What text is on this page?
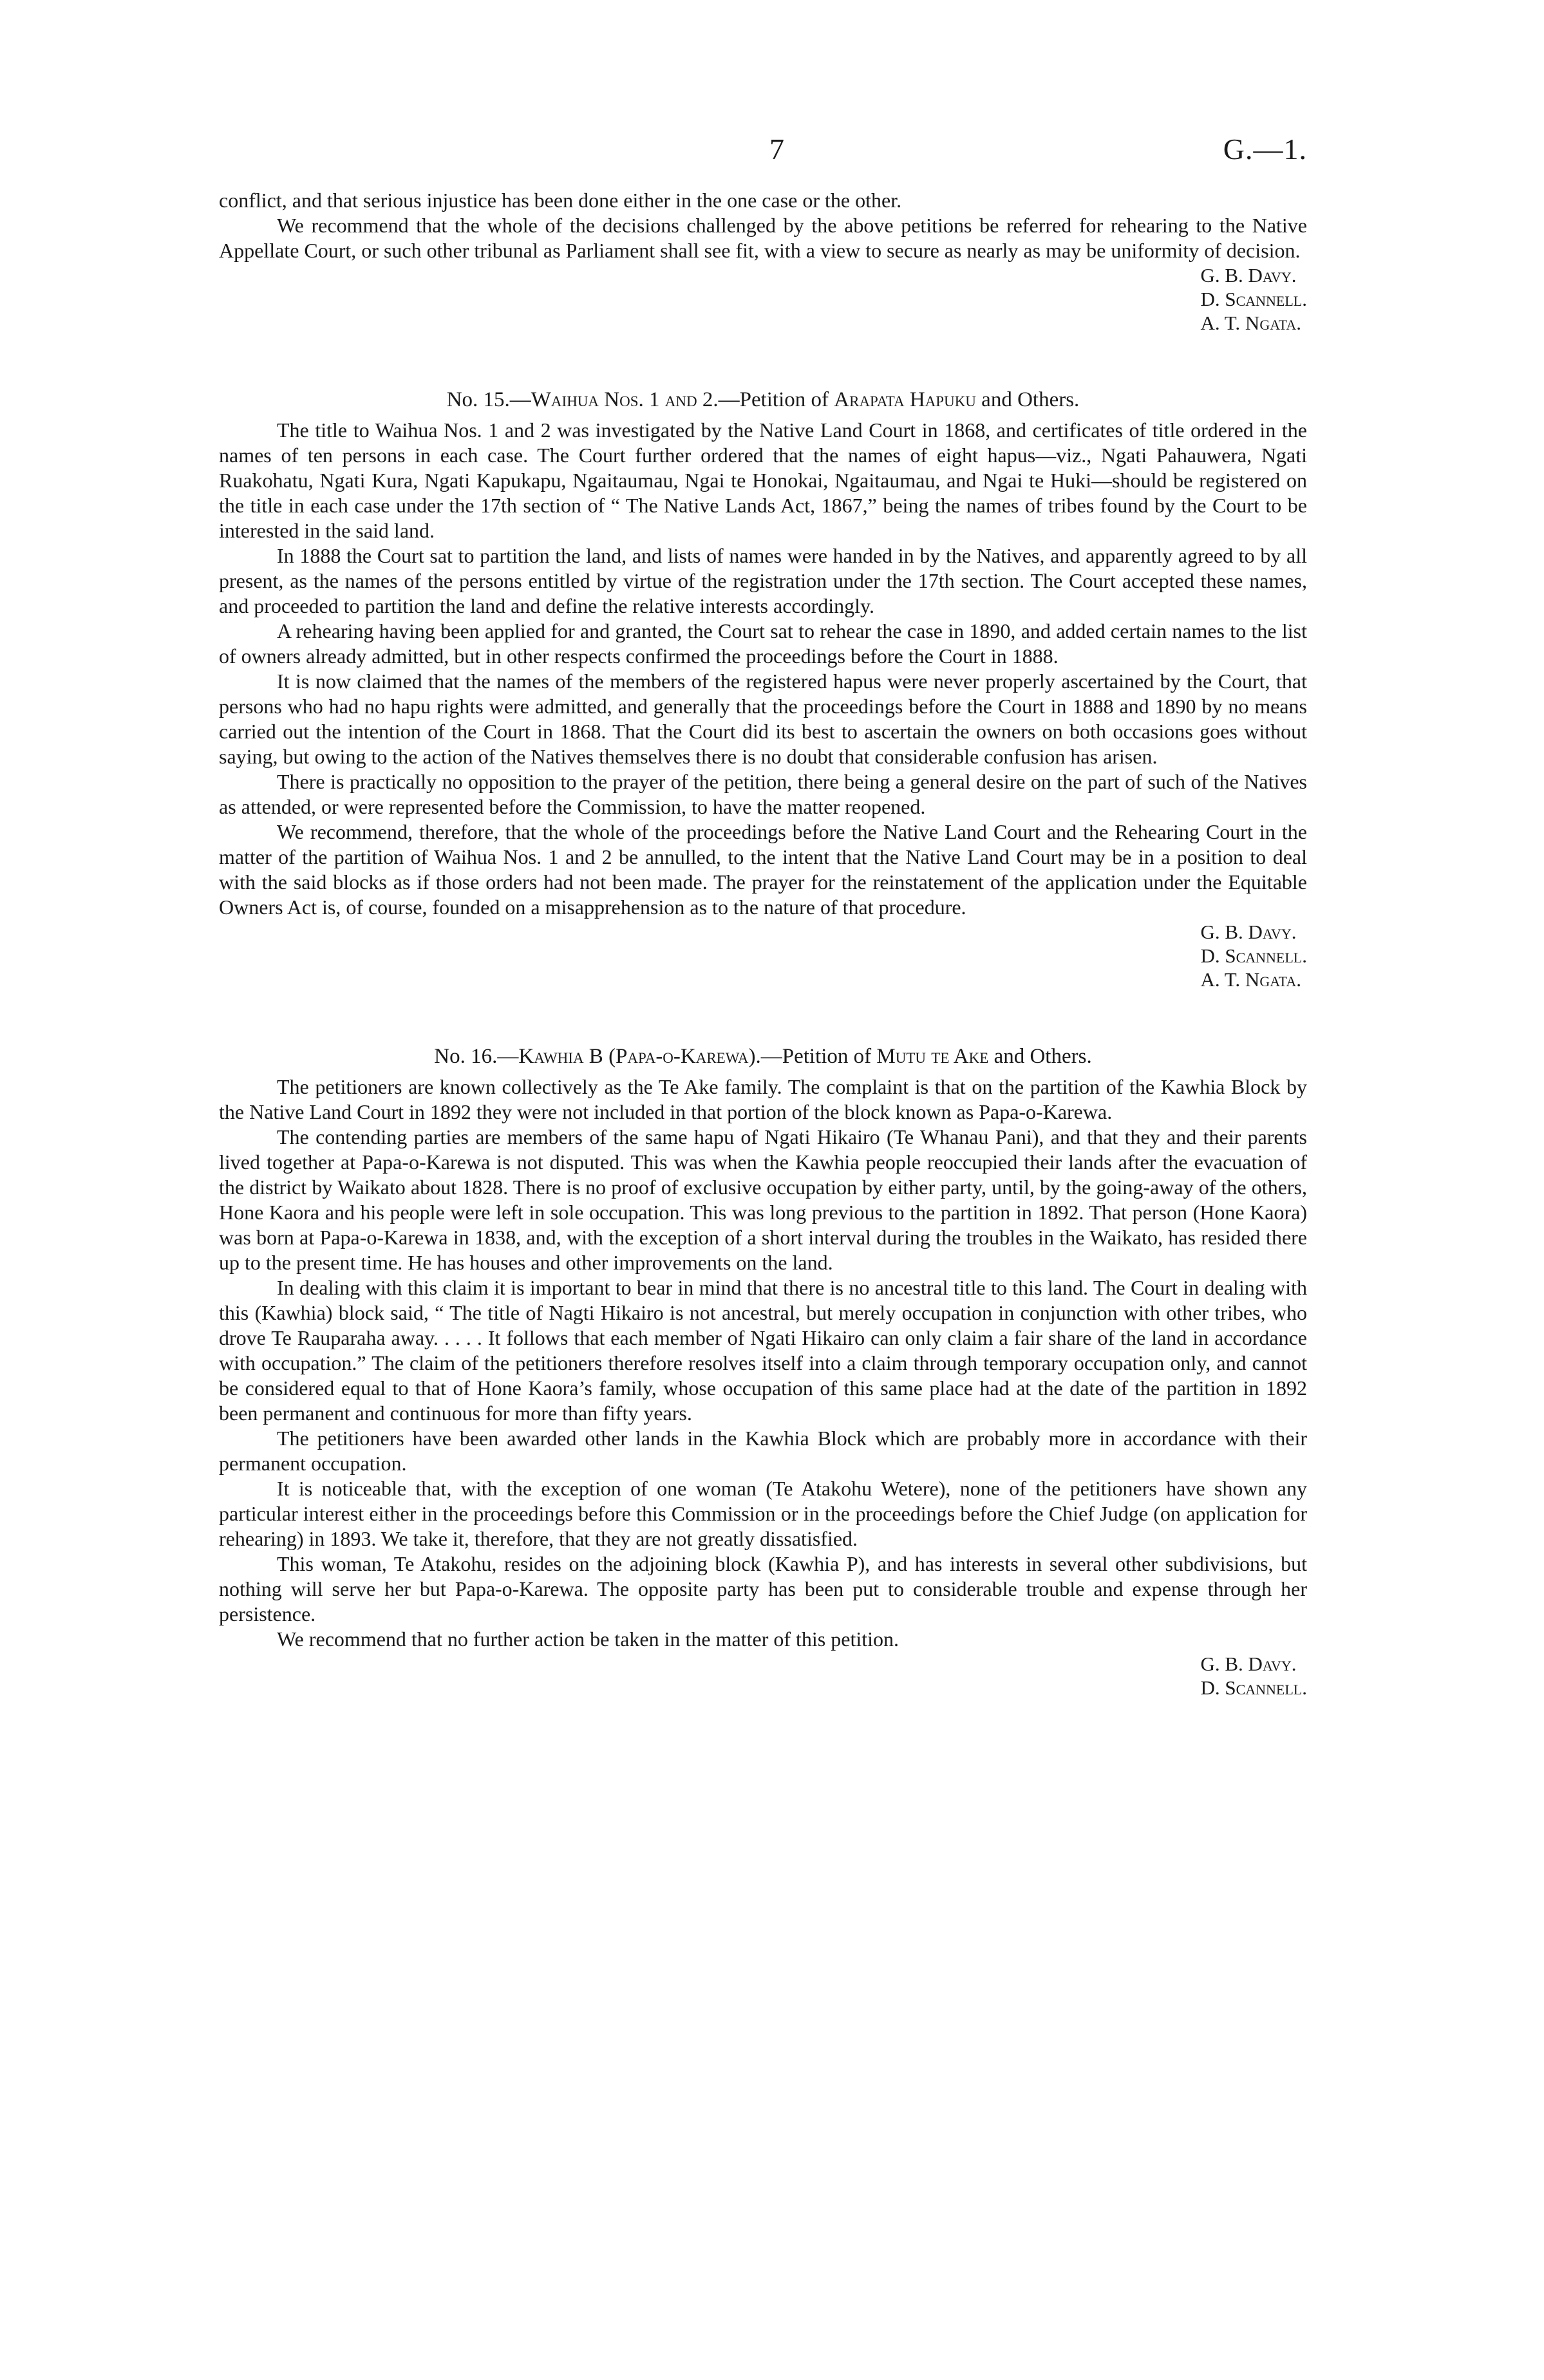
7	G.—1.

conflict, and that serious injustice has been done either in the one case or the other.

We recommend that the whole of the decisions challenged by the above petitions be referred for rehearing to the Native Appellate Court, or such other tribunal as Parliament shall see fit, with a view to secure as nearly as may be uniformity of decision.

G. B. Davy.
D. Scannell.
A. T. Ngata.
No. 15.—Waihua Nos. 1 and 2.—Petition of Arapata Hapuku and Others.

The title to Waihua Nos. 1 and 2 was investigated by the Native Land Court in 1868, and certificates of title ordered in the names of ten persons in each case. The Court further ordered that the names of eight hapus—viz., Ngati Pahauwera, Ngati Ruakohatu, Ngati Kura, Ngati Kapukapu, Ngaitaumau, Ngai te Honokai, Ngaitaumau, and Ngai te Huki—should be registered on the title in each case under the 17th section of “ The Native Lands Act, 1867,” being the names of tribes found by the Court to be interested in the said land.

In 1888 the Court sat to partition the land, and lists of names were handed in by the Natives, and apparently agreed to by all present, as the names of the persons entitled by virtue of the registration under the 17th section. The Court accepted these names, and proceeded to partition the land and define the relative interests accordingly.

A rehearing having been applied for and granted, the Court sat to rehear the case in 1890, and added certain names to the list of owners already admitted, but in other respects confirmed the proceedings before the Court in 1888.

It is now claimed that the names of the members of the registered hapus were never properly ascertained by the Court, that persons who had no hapu rights were admitted, and generally that the proceedings before the Court in 1888 and 1890 by no means carried out the intention of the Court in 1868. That the Court did its best to ascertain the owners on both occasions goes without saying, but owing to the action of the Natives themselves there is no doubt that considerable confusion has arisen.

There is practically no opposition to the prayer of the petition, there being a general desire on the part of such of the Natives as attended, or were represented before the Commission, to have the matter reopened.

We recommend, therefore, that the whole of the proceedings before the Native Land Court and the Rehearing Court in the matter of the partition of Waihua Nos. 1 and 2 be annulled, to the intent that the Native Land Court may be in a position to deal with the said blocks as if those orders had not been made. The prayer for the reinstatement of the application under the Equitable Owners Act is, of course, founded on a misapprehension as to the nature of that procedure.

G. B. Davy.
D. Scannell.
A. T. Ngata.
No. 16.—Kawhia B (Papa-o-Karewa).—Petition of Mutu te Ake and Others.

The petitioners are known collectively as the Te Ake family. The complaint is that on the partition of the Kawhia Block by the Native Land Court in 1892 they were not included in that portion of the block known as Papa-o-Karewa.

The contending parties are members of the same hapu of Ngati Hikairo (Te Whanau Pani), and that they and their parents lived together at Papa-o-Karewa is not disputed. This was when the Kawhia people reoccupied their lands after the evacuation of the district by Waikato about 1828. There is no proof of exclusive occupation by either party, until, by the going-away of the others, Hone Kaora and his people were left in sole occupation. This was long previous to the partition in 1892. That person (Hone Kaora) was born at Papa-o-Karewa in 1838, and, with the exception of a short interval during the troubles in the Waikato, has resided there up to the present time. He has houses and other improvements on the land.

In dealing with this claim it is important to bear in mind that there is no ancestral title to this land. The Court in dealing with this (Kawhia) block said, “ The title of Nagti Hikairo is not ancestral, but merely occupation in conjunction with other tribes, who drove Te Rauparaha away. . . . . It follows that each member of Ngati Hikairo can only claim a fair share of the land in accordance with occupation.” The claim of the petitioners therefore resolves itself into a claim through temporary occupation only, and cannot be considered equal to that of Hone Kaora’s family, whose occupation of this same place had at the date of the partition in 1892 been permanent and continuous for more than fifty years.

The petitioners have been awarded other lands in the Kawhia Block which are probably more in accordance with their permanent occupation.

It is noticeable that, with the exception of one woman (Te Atakohu Wetere), none of the petitioners have shown any particular interest either in the proceedings before this Commission or in the proceedings before the Chief Judge (on application for rehearing) in 1893. We take it, therefore, that they are not greatly dissatisfied.

This woman, Te Atakohu, resides on the adjoining block (Kawhia P), and has interests in several other subdivisions, but nothing will serve her but Papa-o-Karewa. The opposite party has been put to considerable trouble and expense through her persistence.

We recommend that no further action be taken in the matter of this petition.

G. B. Davy.
D. Scannell.
